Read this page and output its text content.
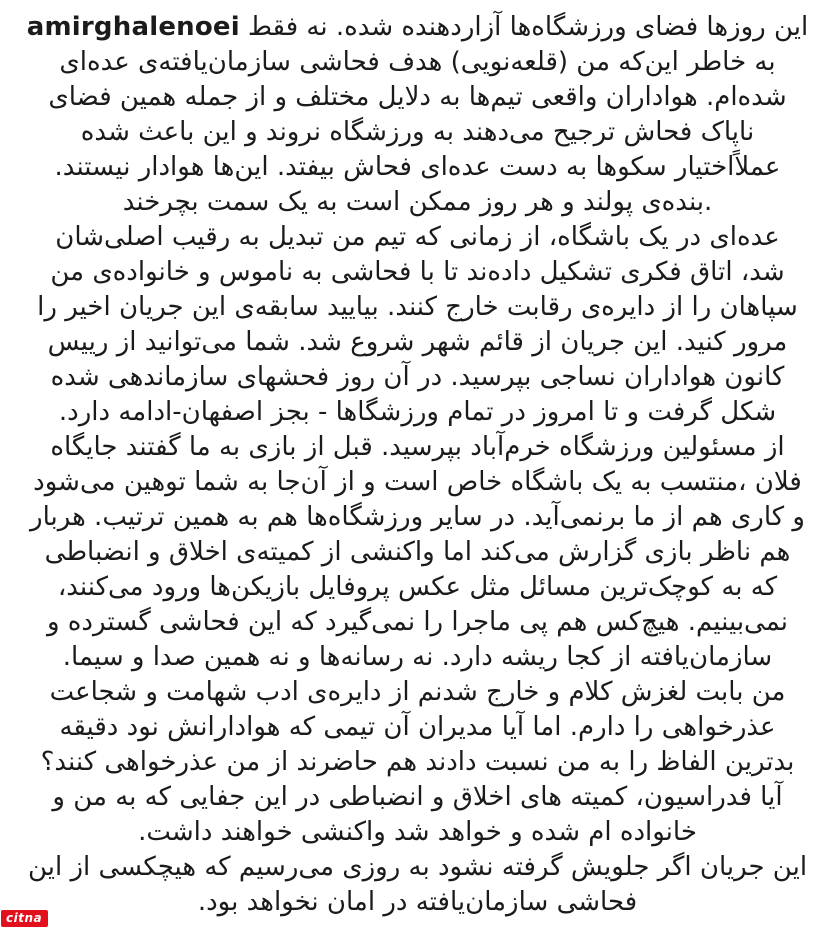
amirghalenoei این روزها فضای ورزشگاه‌ها آزاردهنده شده. نه فقط
به خاطر این‌که من (قلعه‌نویی) هدف فحاشی سازمان‌یافته‌ی عده‌ای
شده‌ام. هواداران واقعی تیم‌ها به دلایل مختلف و از جمله همین فضای
ناپاک فحاش ترجیح می‌دهند به ورزشگاه نروند و این باعث شده
عملاًاختیار سکوها به دست عده‌ای فحاش بیفتد. این‌ها هوادار نیستند.
.بنده‌ی پولند و هر روز ممکن است به یک سمت بچرخند
عده‌ای در یک باشگاه، از زمانی که تیم من تبدیل به رقیب اصلی‌شان
شد، اتاق فکری تشکیل داده‌ند تا با فحاشی به ناموس و خانواده‌ی من
سپاهان را از دایره‌ی رقابت خارج کنند. بیایید سابقه‌ی این جریان اخیر را
مرور کنید. این جریان از قائم شهر شروع شد. شما می‌توانید از رییس
کانون هواداران نساجی بپرسید. در آن روز فحشهای سازماندهی شده
شکل گرفت و تا امروز در تمام ورزشگاها - بجز اصفهان-ادامه دارد.
از مسئولین ورزشگاه خرم‌آباد بپرسید. قبل از بازی به ما گفتند جایگاه
فلان ،منتسب به یک باشگاه خاص است و از آن‌جا به شما توهین می‌شود
و کاری هم از ما برنمی‌آید. در سایر ورزشگاه‌ها هم به همین ترتیب. هربار
هم ناظر بازی گزارش می‌کند اما واکنشی از کمیته‌ی اخلاق و انضباطی
که به کوچک‌ترین مسائل مثل عکس پروفایل بازیکن‌ها ورود می‌کنند،
نمی‌بینیم. هیچ‌کس هم پی ماجرا را نمی‌گیرد که این فحاشی گسترده و
سازمان‌یافته از کجا ریشه دارد. نه رسانه‌ها و نه همین صدا و سیما.
من بابت لغزش کلام و خارج شدنم از دایره‌ی ادب شهامت و شجاعت
عذرخواهی را دارم. اما آیا مدیران آن تیمی که هوادارانش نود دقیقه
بدترین الفاظ را به من نسبت دادند هم حاضرند از من عذرخواهی کنند؟
آیا فدراسیون، کمیته های اخلاق و انضباطی در این جفایی که به من و
خانواده ام شده و خواهد شد واکنشی خواهند داشت.
این جریان اگر جلویش گرفته نشود به روزی می‌رسیم که هیچکسی از این
فحاشی سازمان‌یافته در امان نخواهد بود.
citna
